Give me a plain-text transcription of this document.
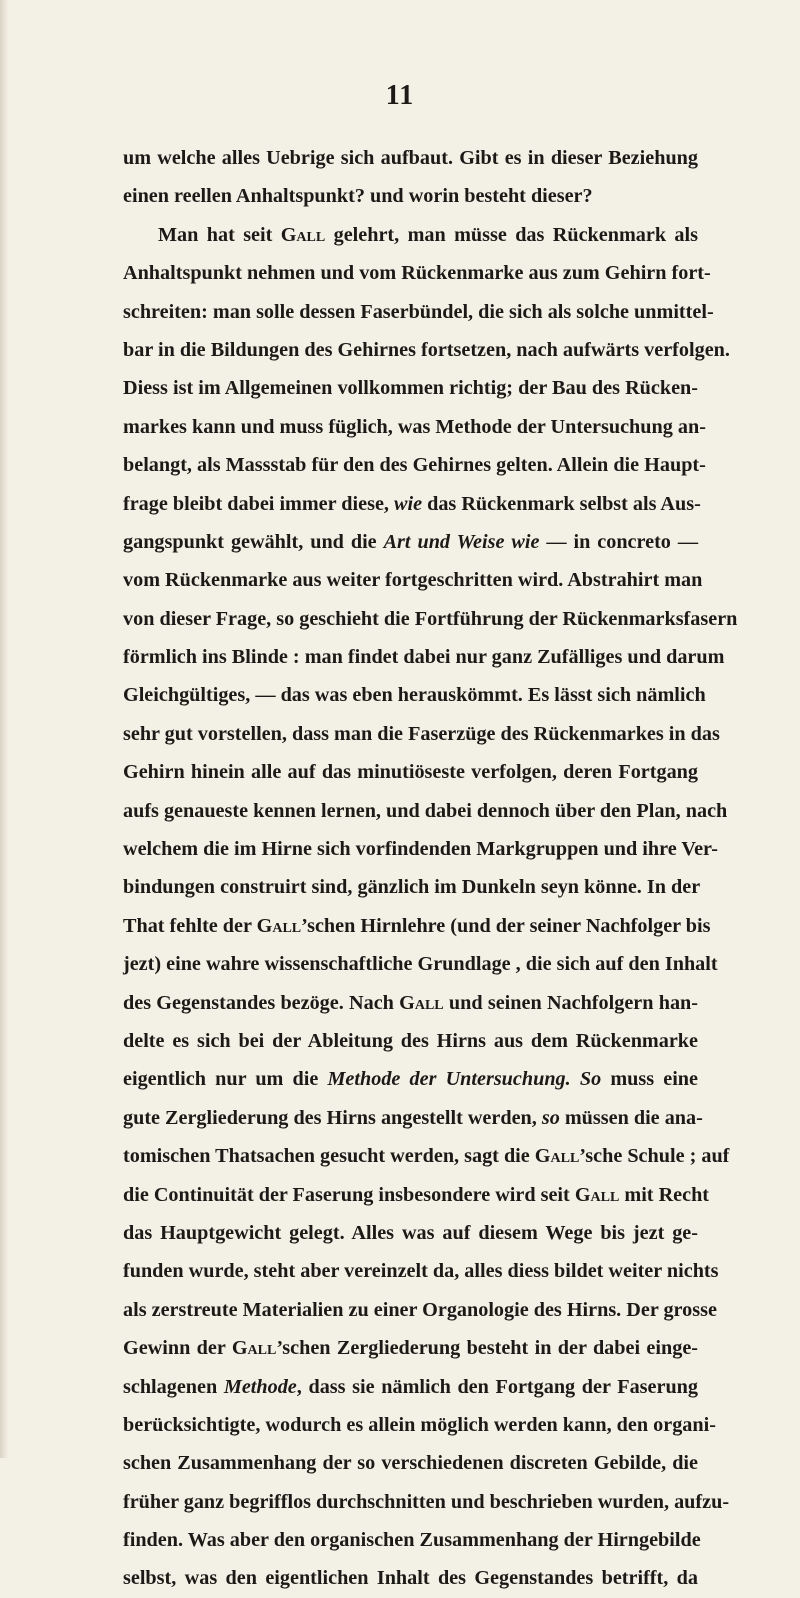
11
um welche alles Uebrige sich aufbaut. Gibt es in dieser Beziehung
einen reellen Anhaltspunkt? und worin besteht dieser?
Man hat seit Gall gelehrt, man müsse das Rückenmark als
Anhaltspunkt nehmen und vom Rückenmarke aus zum Gehirn fort-
schreiten: man solle dessen Faserbündel, die sich als solche unmittel-
bar in die Bildungen des Gehirnes fortsetzen, nach aufwärts verfolgen.
Diess ist im Allgemeinen vollkommen richtig; der Bau des Rücken-
markes kann und muss füglich, was Methode der Untersuchung an-
belangt, als Massstab für den des Gehirnes gelten. Allein die Haupt-
frage bleibt dabei immer diese, wie das Rückenmark selbst als Aus-
gangspunkt gewählt, und die Art und Weise wie — in concreto —
vom Rückenmarke aus weiter fortgeschritten wird. Abstrahirt man
von dieser Frage, so geschieht die Fortführung der Rückenmarksfasern
förmlich ins Blinde : man findet dabei nur ganz Zufälliges und darum
Gleichgültiges, — das was eben herauskömmt. Es lässt sich nämlich
sehr gut vorstellen, dass man die Faserzüge des Rückenmarkes in das
Gehirn hinein alle auf das minutiöseste verfolgen, deren Fortgang
aufs genaueste kennen lernen, und dabei dennoch über den Plan, nach
welchem die im Hirne sich vorfindenden Markgruppen und ihre Ver-
bindungen construirt sind, gänzlich im Dunkeln seyn könne. In der
That fehlte der Gall’schen Hirnlehre (und der seiner Nachfolger bis
jezt) eine wahre wissenschaftliche Grundlage , die sich auf den Inhalt
des Gegenstandes bezöge. Nach Gall und seinen Nachfolgern han-
delte es sich bei der Ableitung des Hirns aus dem Rückenmarke
eigentlich nur um die Methode der Untersuchung. So muss eine
gute Zergliederung des Hirns angestellt werden, so müssen die ana-
tomischen Thatsachen gesucht werden, sagt die Gall’sche Schule ; auf
die Continuität der Faserung insbesondere wird seit Gall mit Recht
das Hauptgewicht gelegt. Alles was auf diesem Wege bis jezt ge-
funden wurde, steht aber vereinzelt da, alles diess bildet weiter nichts
als zerstreute Materialien zu einer Organologie des Hirns. Der grosse
Gewinn der Gall’schen Zergliederung besteht in der dabei einge-
schlagenen Methode, dass sie nämlich den Fortgang der Faserung
berücksichtigte, wodurch es allein möglich werden kann, den organi-
schen Zusammenhang der so verschiedenen discreten Gebilde, die
früher ganz begrifflos durchschnitten und beschrieben wurden, aufzu-
finden. Was aber den organischen Zusammenhang der Hirngebilde
selbst, was den eigentlichen Inhalt des Gegenstandes betrifft, da
